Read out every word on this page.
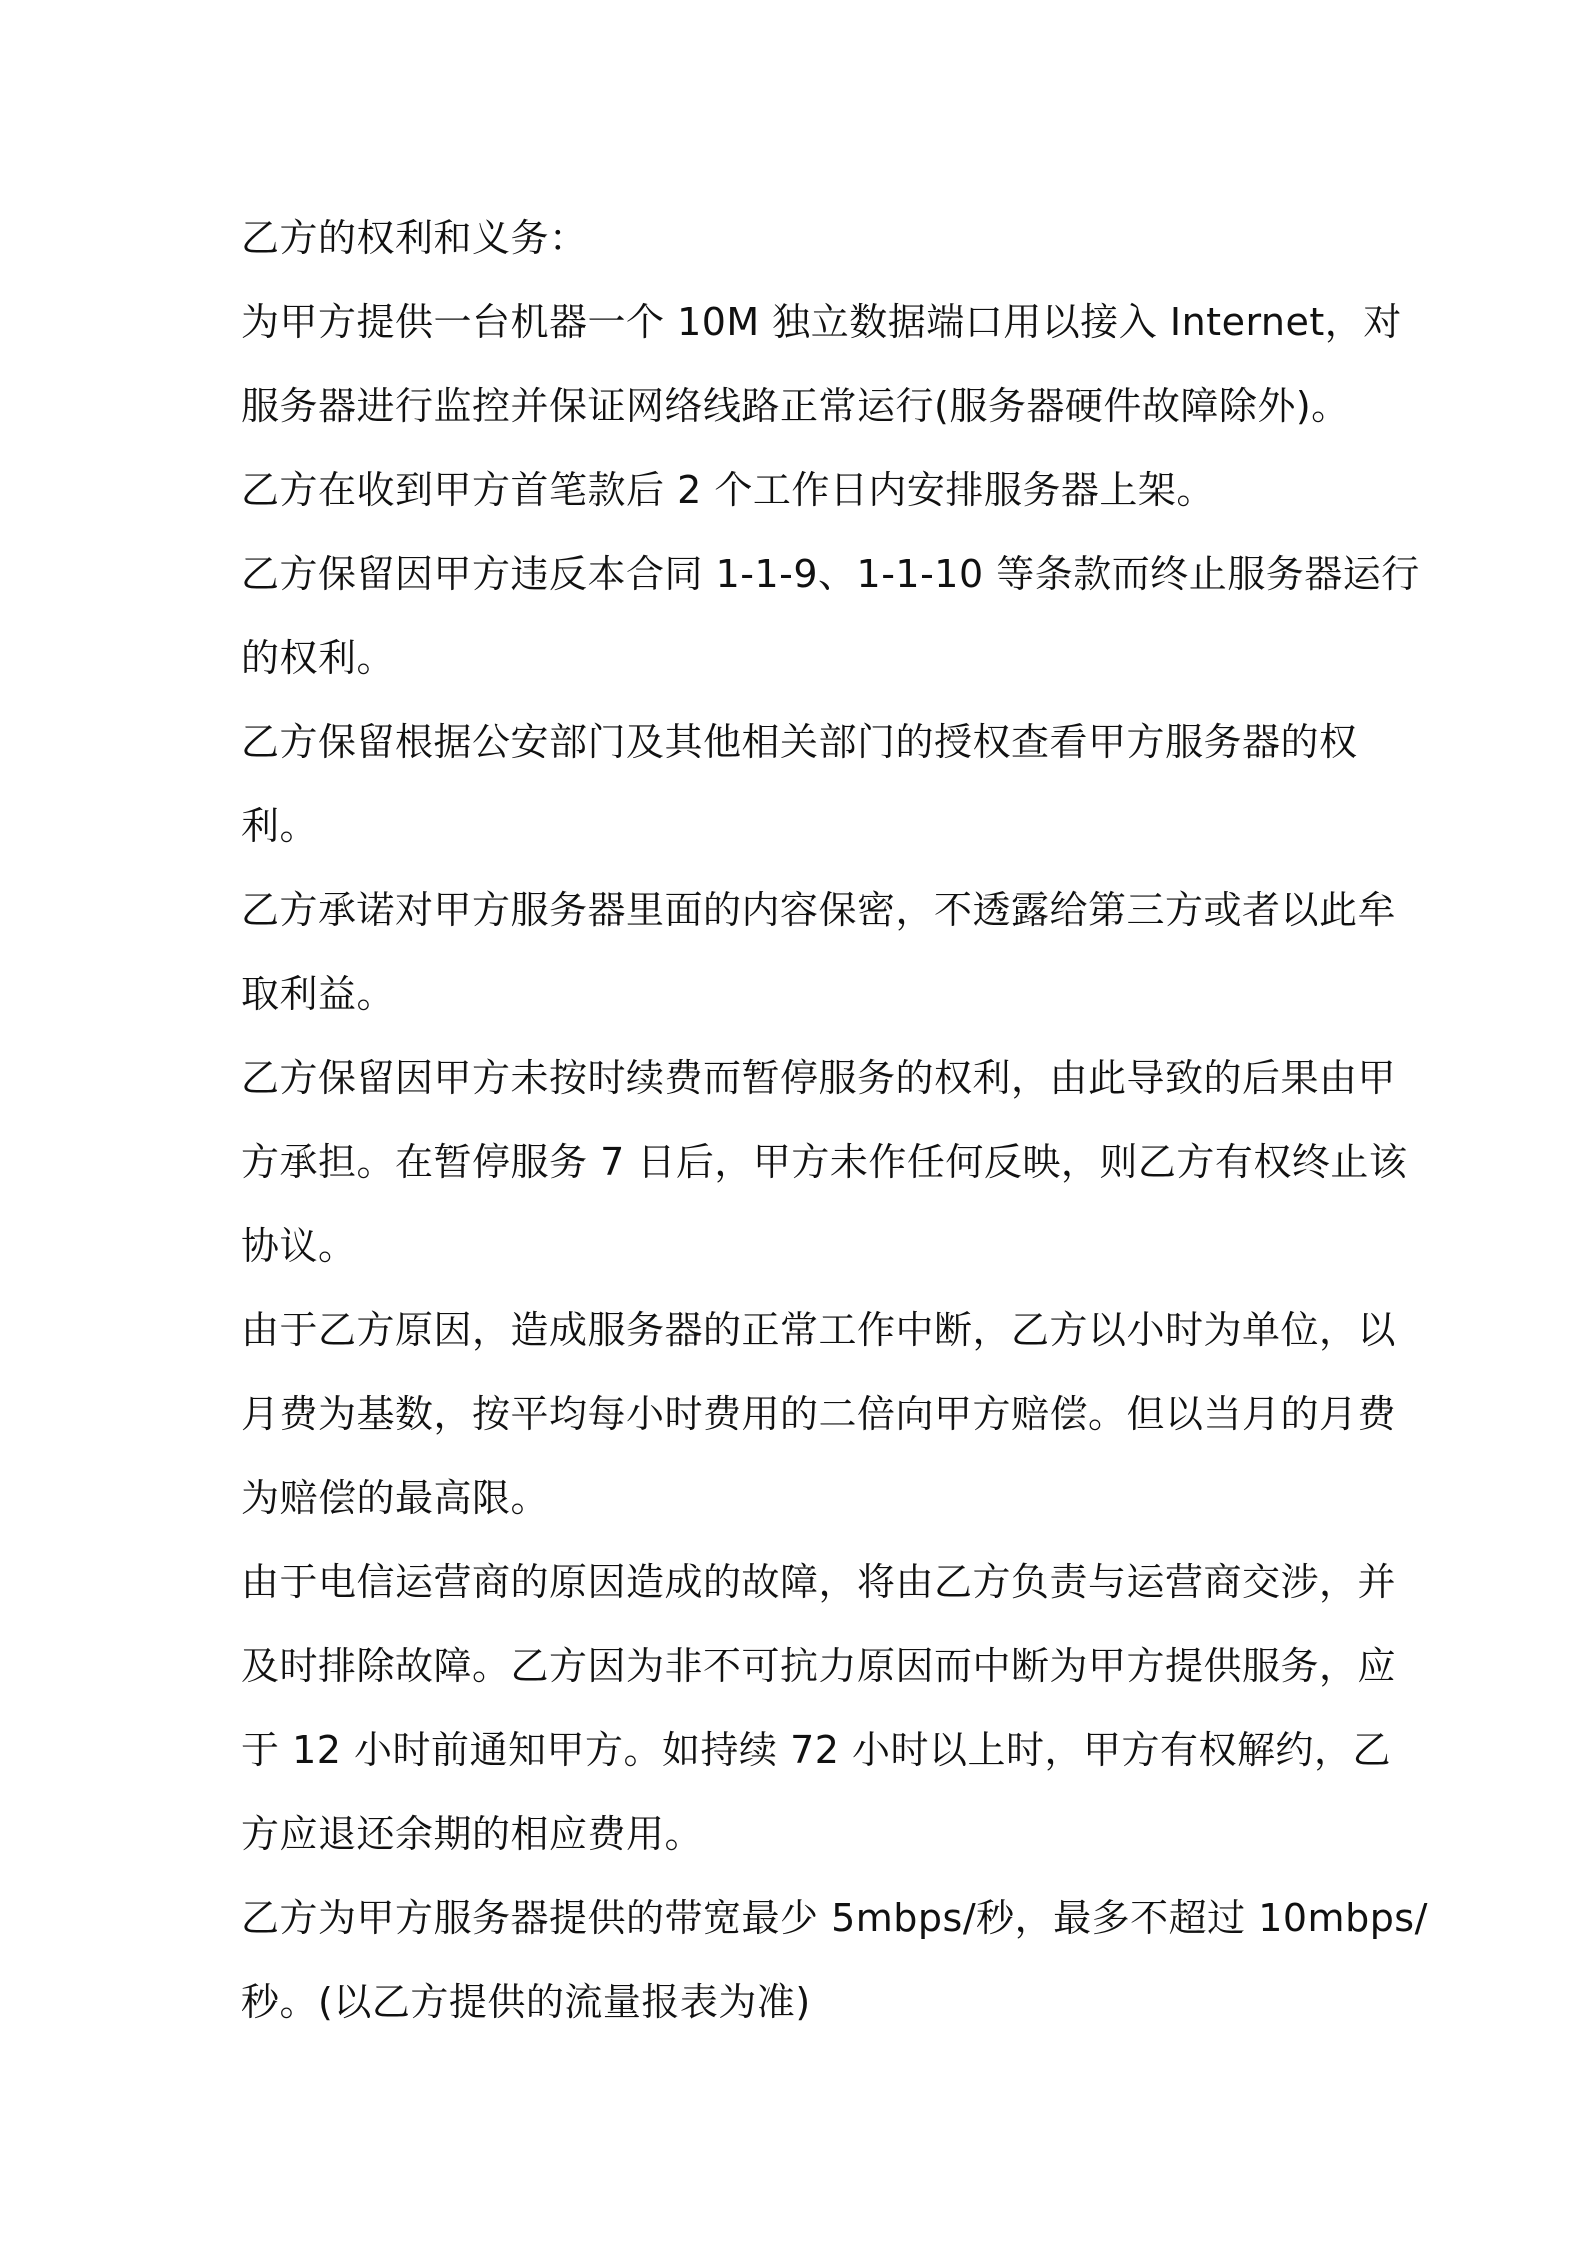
乙方的权利和义务：
为甲方提供一台机器一个 10M 独立数据端口用以接入 Internet，对
服务器进行监控并保证网络线路正常运行(服务器硬件故障除外)。
乙方在收到甲方首笔款后 2 个工作日内安排服务器上架。
乙方保留因甲方违反本合同 1-1-9、1-1-10 等条款而终止服务器运行
的权利。
乙方保留根据公安部门及其他相关部门的授权查看甲方服务器的权
利。
乙方承诺对甲方服务器里面的内容保密，不透露给第三方或者以此牟
取利益。
乙方保留因甲方未按时续费而暂停服务的权利，由此导致的后果由甲
方承担。在暂停服务 7 日后，甲方未作任何反映，则乙方有权终止该
协议。
由于乙方原因，造成服务器的正常工作中断，乙方以小时为单位，以
月费为基数，按平均每小时费用的二倍向甲方赔偿。但以当月的月费
为赔偿的最高限。
由于电信运营商的原因造成的故障，将由乙方负责与运营商交涉，并
及时排除故障。乙方因为非不可抗力原因而中断为甲方提供服务，应
于 12 小时前通知甲方。如持续 72 小时以上时，甲方有权解约，乙
方应退还余期的相应费用。
乙方为甲方服务器提供的带宽最少 5mbps/秒，最多不超过 10mbps/
秒。(以乙方提供的流量报表为准)
